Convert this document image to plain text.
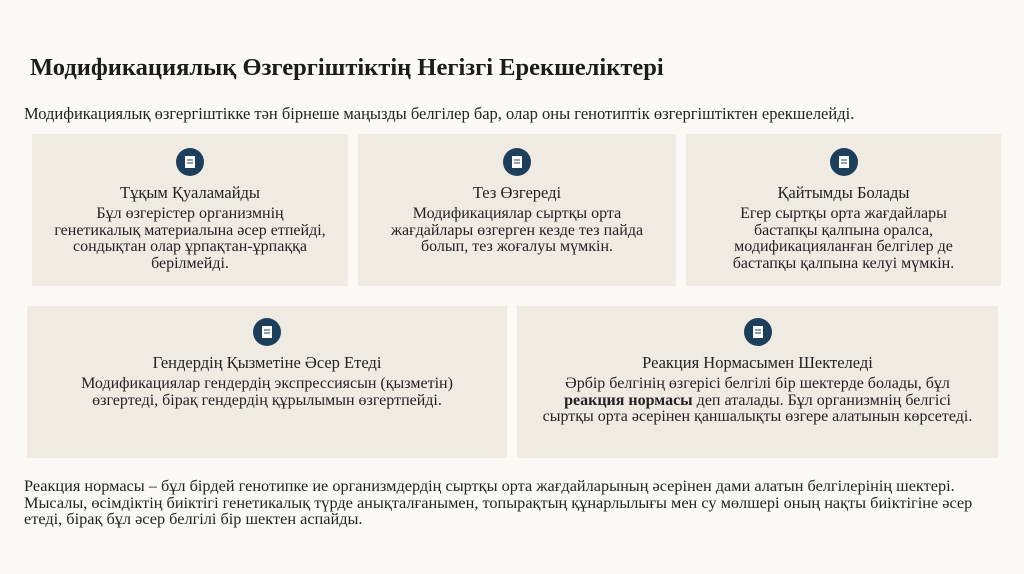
Модификациялық Өзгергіштіктің Негізгі Ерекшеліктері
Модификациялық өзгергіштікке тән бірнеше маңызды белгілер бар, олар оны генотиптік өзгергіштіктен ерекшелейді.
Тұқым Қуаламайды
Бұл өзгерістер организмнің генетикалық материалына әсер етпейді, сондықтан олар ұрпақтан-ұрпаққа берілмейді.
Тез Өзгереді
Модификациялар сыртқы орта жағдайлары өзгерген кезде тез пайда болып, тез жоғалуы мүмкін.
Қайтымды Болады
Егер сыртқы орта жағдайлары бастапқы қалпына оралса, модификацияланған белгілер де бастапқы қалпына келуі мүмкін.
Гендердің Қызметіне Әсер Етеді
Модификациялар гендердің экспрессиясын (қызметін) өзгертеді, бірақ гендердің құрылымын өзгертпейді.
Реакция Нормасымен Шектеледі
Әрбір белгінің өзгерісі белгілі бір шектерде болады, бұл реакция нормасы деп аталады. Бұл организмнің белгісі сыртқы орта әсерінен қаншалықты өзгере алатынын көрсетеді.
Реакция нормасы – бұл бірдей генотипке ие организмдердің сыртқы орта жағдайларының әсерінен дами алатын белгілерінің шектері. Мысалы, өсімдіктің биіктігі генетикалық түрде анықталғанымен, топырақтың құнарлылығы мен су мөлшері оның нақты биіктігіне әсер етеді, бірақ бұл әсер белгілі бір шектен аспайды.
